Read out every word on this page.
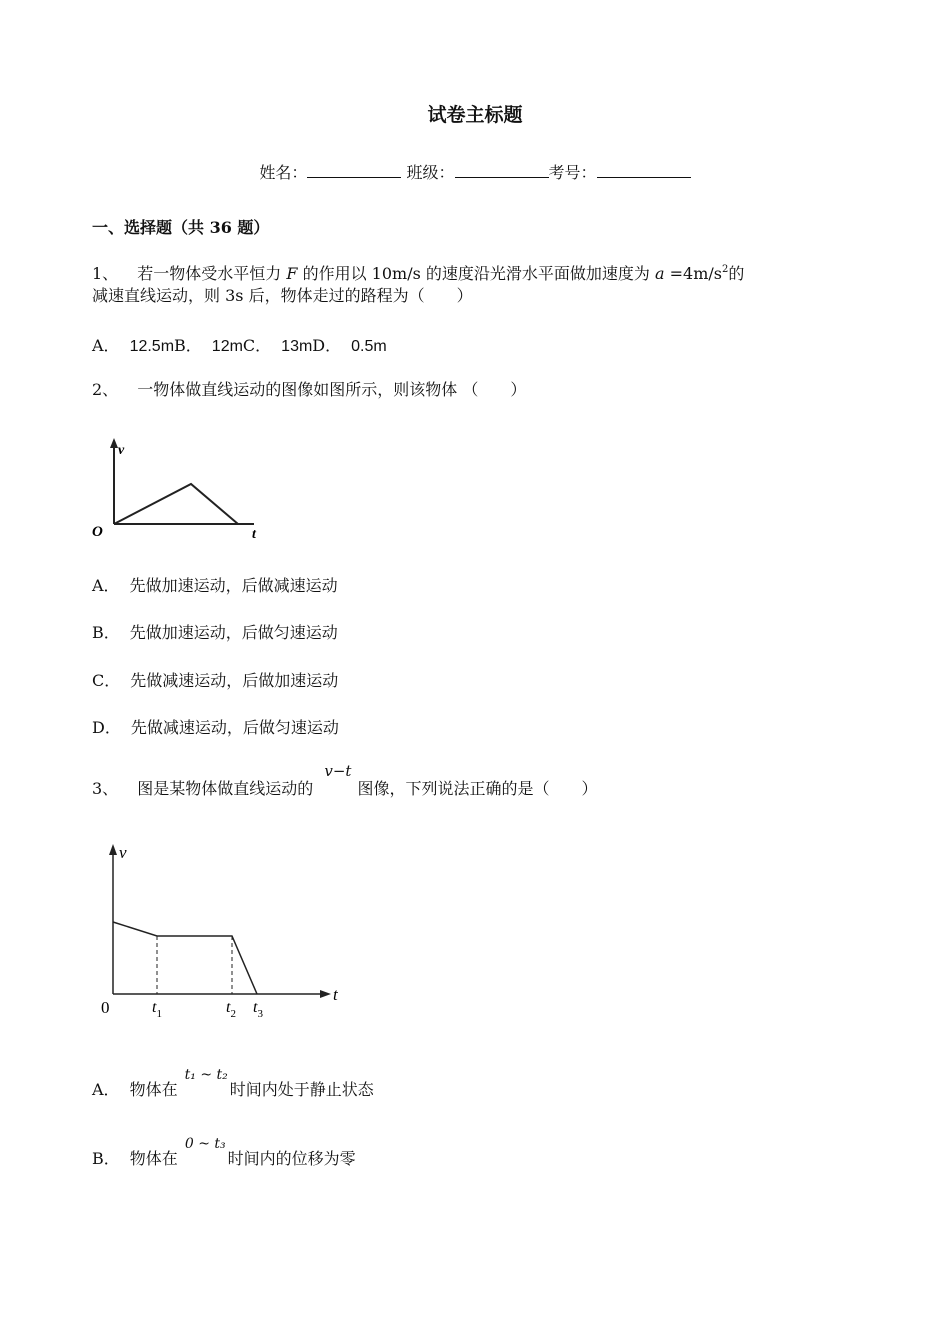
试卷主标题
姓名：	班级：	考号：
一、选择题（共 36 题）
1、 若一物体受水平恒力 F 的作用以 10m/s 的速度沿光滑水平面做加速度为 $a =4m/s^2$的
减速直线运动，则 3s 后，物体走过的路程为（　　）
A． 12.5mB． 12mC． 13mD． 0.5m
2、 一物体做直线运动的图像如图所示，则该物体 （　　）
v
t
O
A． 先做加速运动，后做减速运动
B． 先做加速运动，后做匀速运动
C． 先做减速运动，后做加速运动
D． 先做减速运动，后做匀速运动
3、 图是某物体做直线运动的 v−t图像，下列说法正确的是（　　）
v
t
0	$t_1$	$t_2$ $t_3$
A． 物体在 t₁ ~ t₂时间内处于静止状态
B． 物体在 0 ~ t₃时间内的位移为零
